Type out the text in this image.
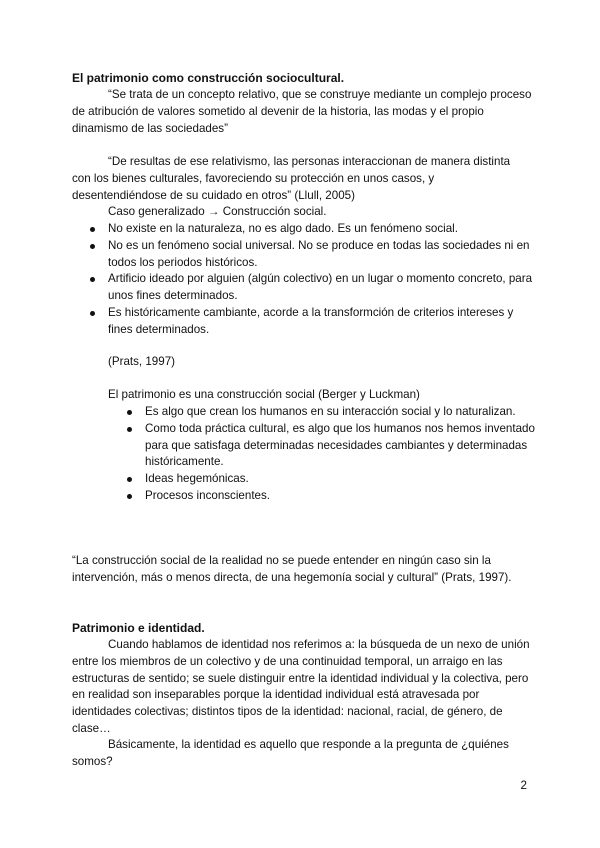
El patrimonio como construcción sociocultural.

“Se trata de un concepto relativo, que se construye mediante un complejo proceso de atribución de valores sometido al devenir de la historia, las modas y el propio dinamismo de las sociedades”

“De resultas de ese relativismo, las personas interaccionan de manera distinta con los bienes culturales, favoreciendo su protección en unos casos, y desentendiéndose de su cuidado en otros” (Llull, 2005)

Caso generalizado → Construcción social.

No existe en la naturaleza, no es algo dado. Es un fenómeno social.
No es un fenómeno social universal. No se produce en todas las sociedades ni en todos los periodos históricos.
Artificio ideado por alguien (algún colectivo) en un lugar o momento concreto, para unos fines determinados.
Es históricamente cambiante, acorde a la transformción de criterios intereses y fines determinados.

(Prats, 1997)

El patrimonio es una construcción social (Berger y Luckman)

Es algo que crean los humanos en su interacción social y lo naturalizan.
Como toda práctica cultural, es algo que los humanos nos hemos inventado para que satisfaga determinadas necesidades cambiantes y determinadas históricamente.
Ideas hegemónicas.
Procesos inconscientes.

“La construcción social de la realidad no se puede entender en ningún caso sin la intervención, más o menos directa, de una hegemonía social y cultural” (Prats, 1997).

Patrimonio e identidad.

Cuando hablamos de identidad nos referimos a: la búsqueda de un nexo de unión entre los miembros de un colectivo y de una continuidad temporal, un arraigo en las estructuras de sentido; se suele distinguir entre la identidad individual y la colectiva, pero en realidad son inseparables porque la identidad individual está atravesada por identidades colectivas; distintos tipos de la identidad: nacional, racial, de género, de clase…

Básicamente, la identidad es aquello que responde a la pregunta de ¿quiénes somos?

2
